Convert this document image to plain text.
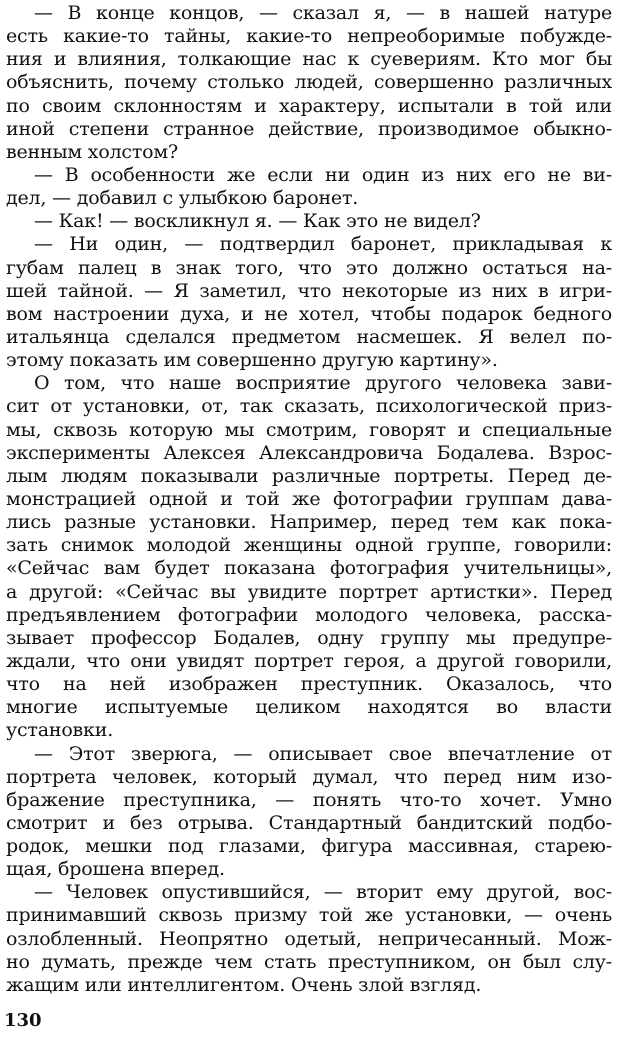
— В конце концов, — сказал я, — в нашей натуре
есть какие-то тайны, какие-то непреоборимые побужде-
ния и влияния, толкающие нас к суевериям. Кто мог бы
объяснить, почему столько людей, совершенно различных
по своим склонностям и характеру, испытали в той или
иной степени странное действие, производимое обыкно-
венным холстом?
— В особенности же если ни один из них его не ви-
дел, — добавил с улыбкою баронет.
— Как! — воскликнул я. — Как это не видел?
— Ни один, — подтвердил баронет, прикладывая к
губам палец в знак того, что это должно остаться на-
шей тайной. — Я заметил, что некоторые из них в игри-
вом настроении духа, и не хотел, чтобы подарок бедного
итальянца сделался предметом насмешек. Я велел по-
этому показать им совершенно другую картину».
О том, что наше восприятие другого человека зави-
сит от установки, от, так сказать, психологической приз-
мы, сквозь которую мы смотрим, говорят и специальные
эксперименты Алексея Александровича Бодалева. Взрос-
лым людям показывали различные портреты. Перед де-
монстрацией одной и той же фотографии группам дава-
лись разные установки. Например, перед тем как пока-
зать снимок молодой женщины одной группе, говорили:
«Сейчас вам будет показана фотография учительницы»,
а другой: «Сейчас вы увидите портрет артистки». Перед
предъявлением фотографии молодого человека, расска-
зывает профессор Бодалев, одну группу мы предупре-
ждали, что они увидят портрет героя, а другой говорили,
что на ней изображен преступник. Оказалось, что
многие испытуемые целиком находятся во власти
установки.
— Этот зверюга, — описывает свое впечатление от
портрета человек, который думал, что перед ним изо-
бражение преступника, — понять что-то хочет. Умно
смотрит и без отрыва. Стандартный бандитский подбо-
родок, мешки под глазами, фигура массивная, старею-
щая, брошена вперед.
— Человек опустившийся, — вторит ему другой, вос-
принимавший сквозь призму той же установки, — очень
озлобленный. Неопрятно одетый, непричесанный. Мож-
но думать, прежде чем стать преступником, он был слу-
жащим или интеллигентом. Очень злой взгляд.
130
